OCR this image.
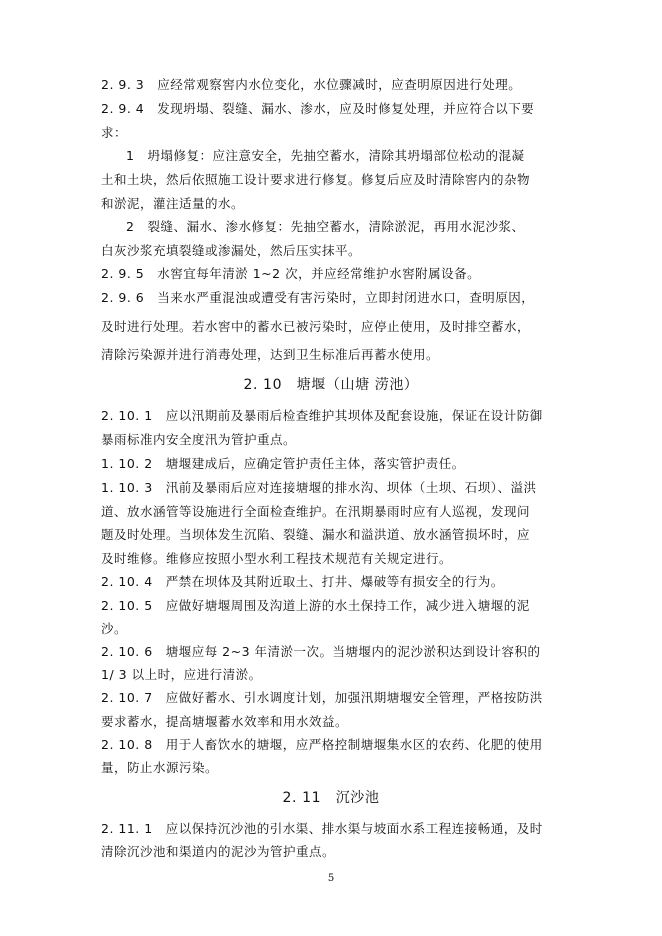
2. 9. 3　应经常观察窖内水位变化，水位骤减时，应查明原因进行处理。
2. 9. 4　发现坍塌、裂缝、漏水、渗水，应及时修复处理，并应符合以下要
求：
1　坍塌修复：应注意安全，先抽空蓄水，清除其坍塌部位松动的混凝
土和土块，然后依照施工设计要求进行修复。修复后应及时清除窖内的杂物
和淤泥，灌注适量的水。
2　裂缝、漏水、渗水修复：先抽空蓄水，清除淤泥，再用水泥沙浆、
白灰沙浆充填裂缝或渗漏处，然后压实抹平。
2. 9. 5　水窖宜每年清淤 1~2 次，并应经常维护水窖附属设备。
2. 9. 6　当来水严重混浊或遭受有害污染时，立即封闭进水口，查明原因，
及时进行处理。若水窖中的蓄水已被污染时，应停止使用，及时排空蓄水，
清除污染源并进行消毒处理，达到卫生标准后再蓄水使用。
2. 10　塘堰（山塘 涝池）
2. 10. 1　应以汛期前及暴雨后检查维护其坝体及配套设施，保证在设计防御
暴雨标准内安全度汛为管护重点。
1. 10. 2　塘堰建成后，应确定管护责任主体，落实管护责任。
1. 10. 3　汛前及暴雨后应对连接塘堰的排水沟、坝体（土坝、石坝）、溢洪
道、放水涵管等设施进行全面检查维护。在汛期暴雨时应有人巡视，发现问
题及时处理。当坝体发生沉陷、裂缝、漏水和溢洪道、放水涵管损坏时，应
及时维修。维修应按照小型水利工程技术规范有关规定进行。
2. 10. 4　严禁在坝体及其附近取土、打井、爆破等有损安全的行为。
2. 10. 5　应做好塘堰周围及沟道上游的水土保持工作，减少进入塘堰的泥
沙。
2. 10. 6　塘堰应每 2~3 年清淤一次。当塘堰内的泥沙淤积达到设计容积的
1/ 3 以上时，应进行清淤。
2. 10. 7　应做好蓄水、引水调度计划，加强汛期塘堰安全管理，严格按防洪
要求蓄水，提高塘堰蓄水效率和用水效益。
2. 10. 8　用于人畜饮水的塘堰，应严格控制塘堰集水区的农药、化肥的使用
量，防止水源污染。
2. 11　沉沙池
2. 11. 1　应以保持沉沙池的引水渠、排水渠与坡面水系工程连接畅通，及时
清除沉沙池和渠道内的泥沙为管护重点。
5
